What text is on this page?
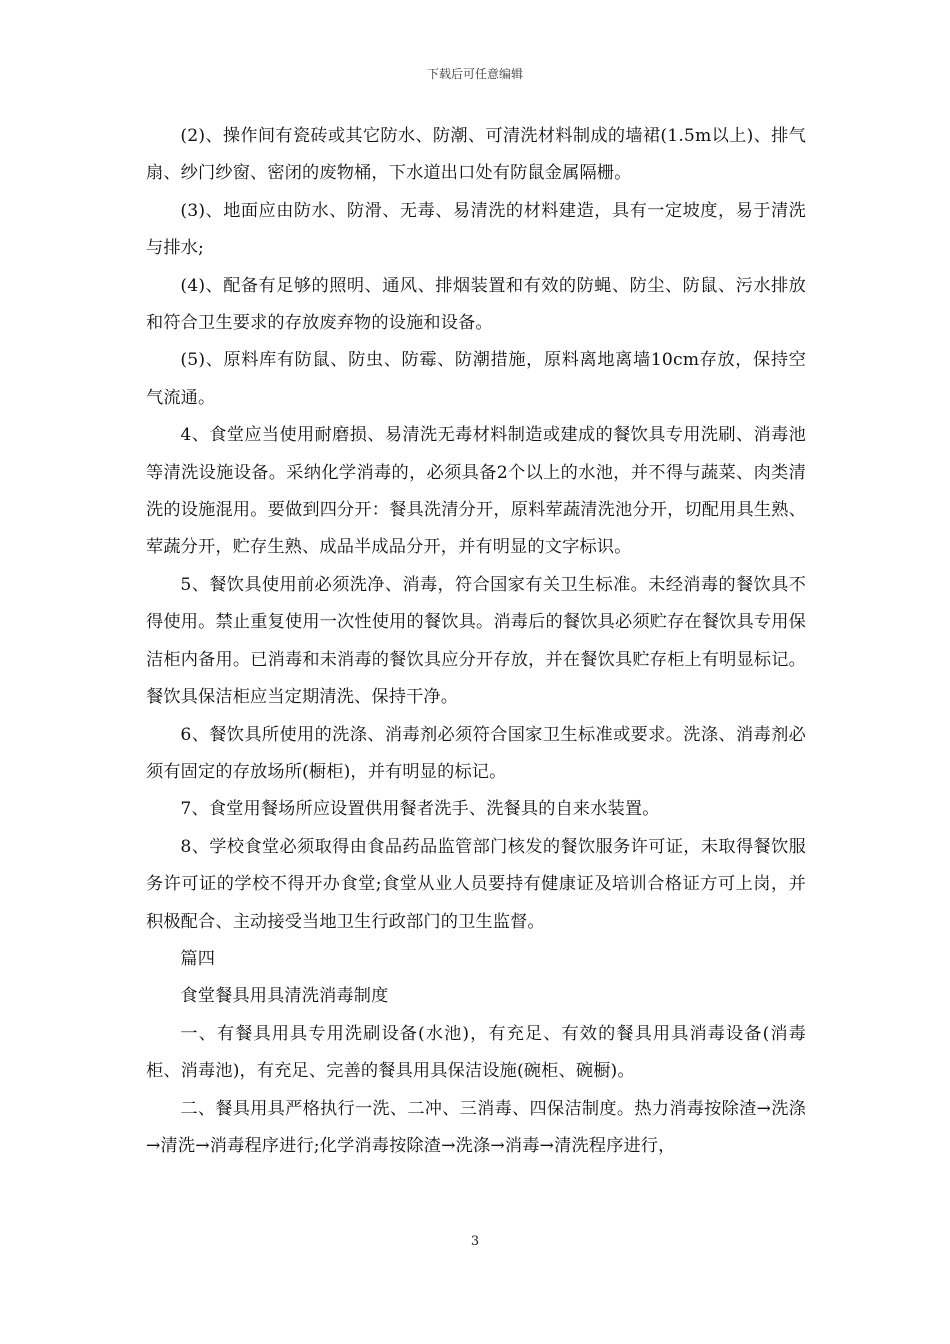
下载后可任意编辑

(2)、操作间有瓷砖或其它防水、防潮、可清洗材料制成的墙裙(1.5m以上)、排气扇、纱门纱窗、密闭的废物桶，下水道出口处有防鼠金属隔栅。

(3)、地面应由防水、防滑、无毒、易清洗的材料建造，具有一定坡度，易于清洗与排水;

(4)、配备有足够的照明、通风、排烟装置和有效的防蝇、防尘、防鼠、污水排放和符合卫生要求的存放废弃物的设施和设备。

(5)、原料库有防鼠、防虫、防霉、防潮措施，原料离地离墙10cm存放，保持空气流通。

4、食堂应当使用耐磨损、易清洗无毒材料制造或建成的餐饮具专用洗刷、消毒池等清洗设施设备。采纳化学消毒的，必须具备2个以上的水池，并不得与蔬菜、肉类清洗的设施混用。要做到四分开：餐具洗清分开，原料荤蔬清洗池分开，切配用具生熟、荤蔬分开，贮存生熟、成品半成品分开，并有明显的文字标识。

5、餐饮具使用前必须洗净、消毒，符合国家有关卫生标准。未经消毒的餐饮具不得使用。禁止重复使用一次性使用的餐饮具。消毒后的餐饮具必须贮存在餐饮具专用保洁柜内备用。已消毒和未消毒的餐饮具应分开存放，并在餐饮具贮存柜上有明显标记。餐饮具保洁柜应当定期清洗、保持干净。

6、餐饮具所使用的洗涤、消毒剂必须符合国家卫生标准或要求。洗涤、消毒剂必须有固定的存放场所(橱柜)，并有明显的标记。

7、食堂用餐场所应设置供用餐者洗手、洗餐具的自来水装置。

8、学校食堂必须取得由食品药品监管部门核发的餐饮服务许可证，未取得餐饮服务许可证的学校不得开办食堂;食堂从业人员要持有健康证及培训合格证方可上岗，并积极配合、主动接受当地卫生行政部门的卫生监督。

篇四

食堂餐具用具清洗消毒制度

一、有餐具用具专用洗刷设备(水池)，有充足、有效的餐具用具消毒设备(消毒柜、消毒池)，有充足、完善的餐具用具保洁设施(碗柜、碗橱)。

二、餐具用具严格执行一洗、二冲、三消毒、四保洁制度。热力消毒按除渣→洗涤→清洗→消毒程序进行;化学消毒按除渣→洗涤→消毒→清洗程序进行，

3
